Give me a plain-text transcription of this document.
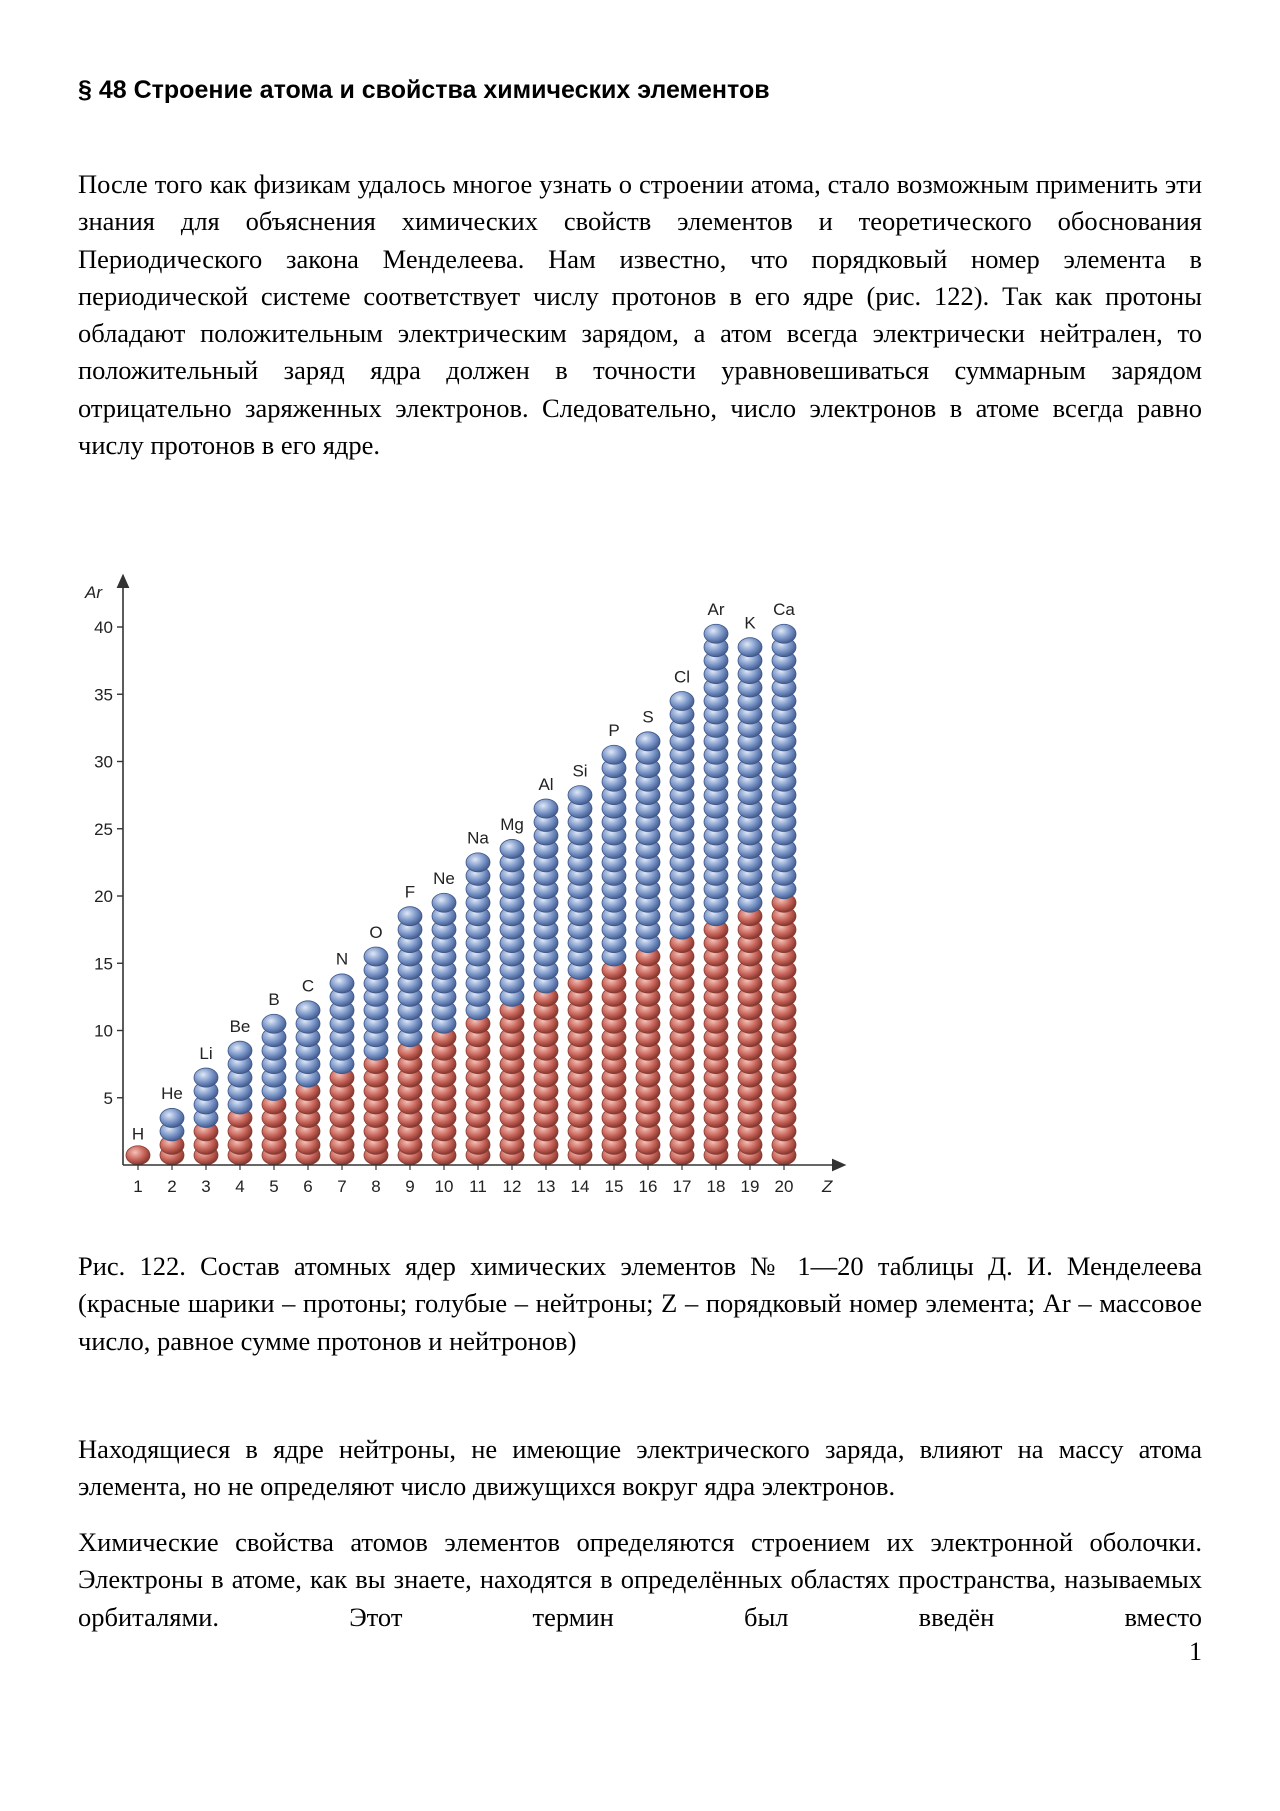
§ 48 Строение атома и свойства химических элементов

После того как физикам удалось многое узнать о строении атома, стало возможным применить эти знания для объяснения химических свойств элементов и теоретического обоснования Периодического закона Менделеева. Нам известно, что порядковый номер элемента в периодической системе соответствует числу протонов в его ядре (рис. 122). Так как протоны обладают положительным электрическим зарядом, а атом всегда электрически нейтрален, то положительный заряд ядра должен в точности уравновешиваться суммарным зарядом отрицательно заряженных электронов. Следовательно, число электронов в атоме всегда равно числу протонов в его ядре.

5
10
15
20
25
30
35
40
Ar
Z
1
H
2
He
3
Li
4
Be
5
B
6
C
7
N
8
O
9
F
10
Ne
11
Na
12
Mg
13
Al
14
Si
15
P
16
S
17
Cl
18
Ar
19
K
20
Ca

Рис. 122. Состав атомных ядер химических элементов № 1—20 таблицы Д. И. Менделеева (красные шарики – протоны; голубые – нейтроны; Z – порядковый номер элемента; Ar – массовое число, равное сумме протонов и нейтронов)

Находящиеся в ядре нейтроны, не имеющие электрического заряда, влияют на массу атома элемента, но не определяют число движущихся вокруг ядра электронов.

Химические свойства атомов элементов определяются строением их электронной оболочки. Электроны в атоме, как вы знаете, находятся в определённых областях пространства, называемых орбиталями. Этот термин был введён вместо

1
